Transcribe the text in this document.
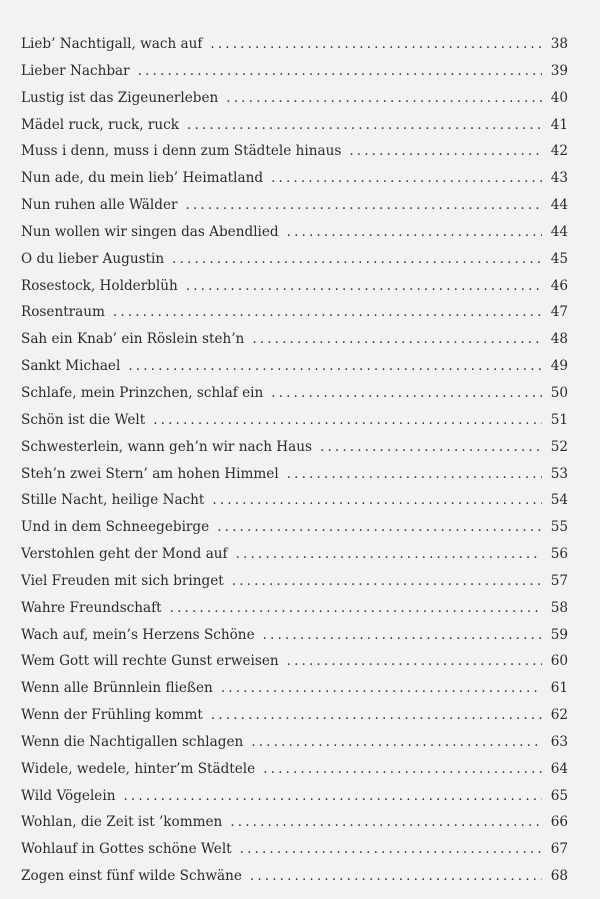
Lieb’ Nachtigall, wach auf . . .	38
Lieber Nachbar . . .	39
Lustig ist das Zigeunerleben . . .	40
Mädel ruck, ruck, ruck . . .	41
Muss i denn, muss i denn zum Städtele hinaus . . .	42
Nun ade, du mein lieb’ Heimatland . . .	43
Nun ruhen alle Wälder . . .	44
Nun wollen wir singen das Abendlied . . .	44
O du lieber Augustin . . .	45
Rosestock, Holderblüh . . .	46
Rosentraum . . .	47
Sah ein Knab’ ein Röslein steh’n . . .	48
Sankt Michael . . .	49
Schlafe, mein Prinzchen, schlaf ein . . .	50
Schön ist die Welt . . .	51
Schwesterlein, wann geh’n wir nach Haus . . .	52
Steh’n zwei Stern’ am hohen Himmel . . .	53
Stille Nacht, heilige Nacht . . .	54
Und in dem Schneegebirge . . .	55
Verstohlen geht der Mond auf . . .	56
Viel Freuden mit sich bringet . . .	57
Wahre Freundschaft . . .	58
Wach auf, mein’s Herzens Schöne . . .	59
Wem Gott will rechte Gunst erweisen . . .	60
Wenn alle Brünnlein fließen . . .	61
Wenn der Frühling kommt . . .	62
Wenn die Nachtigallen schlagen . . .	63
Widele, wedele, hinter’m Städtele . . .	64
Wild Vögelein . . .	65
Wohlan, die Zeit ist ’kommen . . .	66
Wohlauf in Gottes schöne Welt . . .	67
Zogen einst fünf wilde Schwäne . . .	68
